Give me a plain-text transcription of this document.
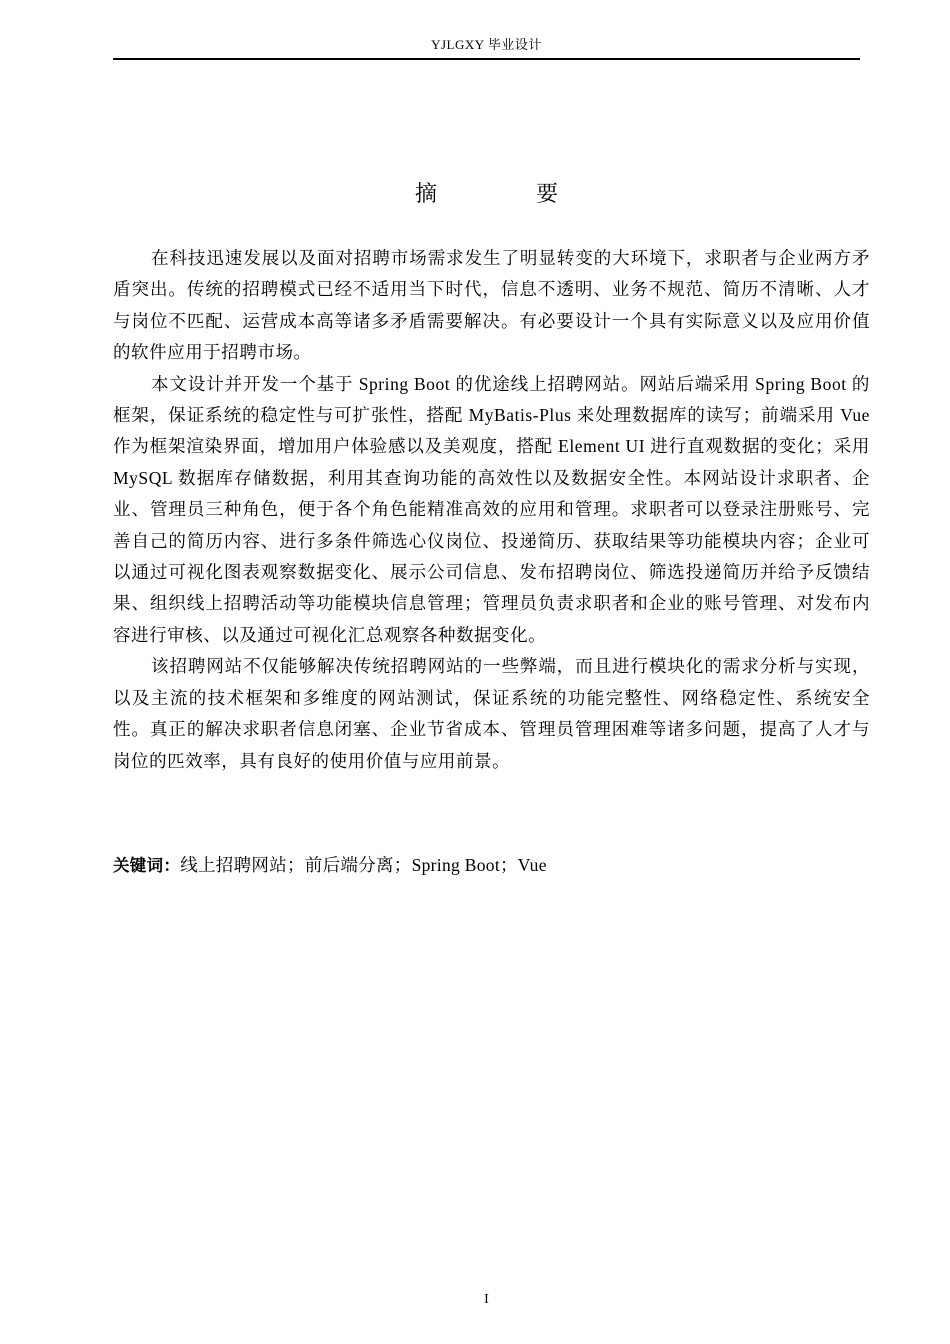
YJLGXY 毕业设计
摘 要

在科技迅速发展以及面对招聘市场需求发生了明显转变的大环境下，求职者与企业两方矛盾突出。传统的招聘模式已经不适用当下时代，信息不透明、业务不规范、简历不清晰、人才与岗位不匹配、运营成本高等诸多矛盾需要解决。有必要设计一个具有实际意义以及应用价值的软件应用于招聘市场。

本文设计并开发一个基于 Spring Boot 的优途线上招聘网站。网站后端采用 Spring Boot 的框架，保证系统的稳定性与可扩张性，搭配 MyBatis-Plus 来处理数据库的读写；前端采用 Vue 作为框架渲染界面，增加用户体验感以及美观度，搭配 Element UI 进行直观数据的变化；采用 MySQL 数据库存储数据，利用其查询功能的高效性以及数据安全性。本网站设计求职者、企业、管理员三种角色，便于各个角色能精准高效的应用和管理。求职者可以登录注册账号、完善自己的简历内容、进行多条件筛选心仪岗位、投递简历、获取结果等功能模块内容；企业可以通过可视化图表观察数据变化、展示公司信息、发布招聘岗位、筛选投递简历并给予反馈结果、组织线上招聘活动等功能模块信息管理；管理员负责求职者和企业的账号管理、对发布内容进行审核、以及通过可视化汇总观察各种数据变化。

该招聘网站不仅能够解决传统招聘网站的一些弊端，而且进行模块化的需求分析与实现，以及主流的技术框架和多维度的网站测试，保证系统的功能完整性、网络稳定性、系统安全性。真正的解决求职者信息闭塞、企业节省成本、管理员管理困难等诸多问题，提高了人才与岗位的匹效率，具有良好的使用价值与应用前景。

关键词：线上招聘网站；前后端分离；Spring Boot；Vue
I
